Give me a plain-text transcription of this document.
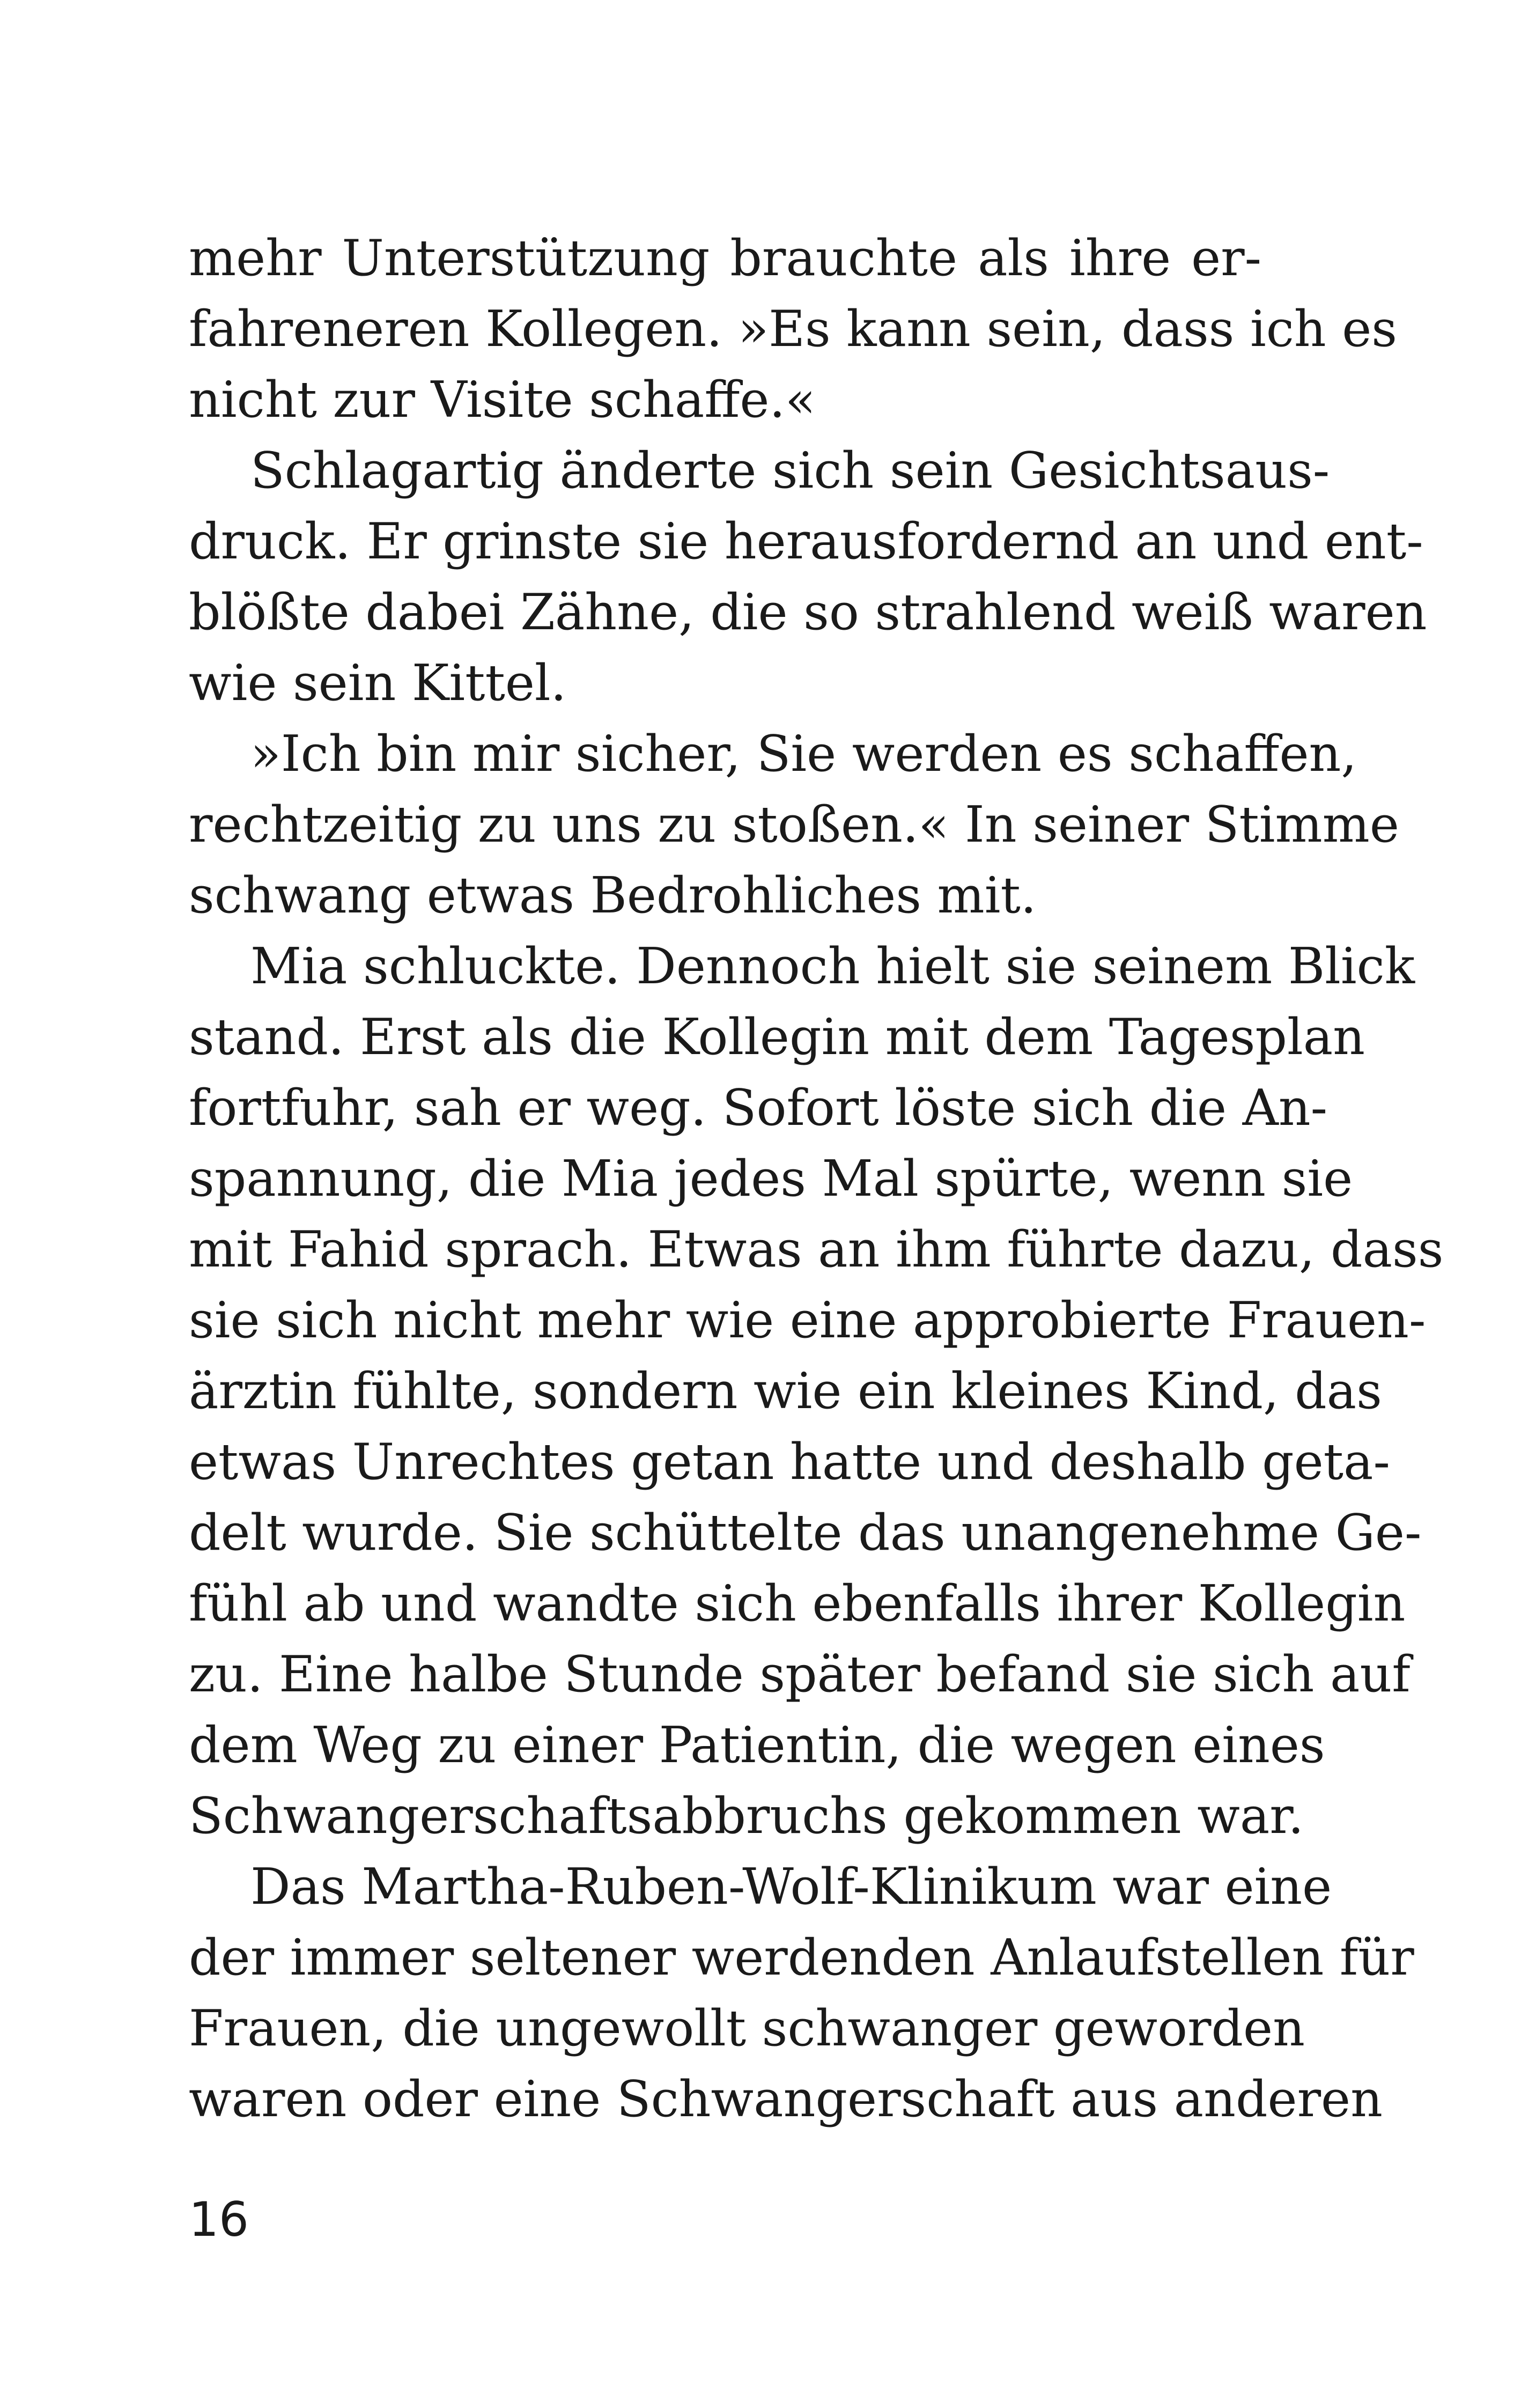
mehr Unterstützung brauchte als ihre er-
fahreneren Kollegen. »Es kann sein, dass ich es
nicht zur Visite schaffe.«
Schlagartig änderte sich sein Gesichtsaus-
druck. Er grinste sie herausfordernd an und ent-
blößte dabei Zähne, die so strahlend weiß waren
wie sein Kittel.
»Ich bin mir sicher, Sie werden es schaffen,
rechtzeitig zu uns zu stoßen.« In seiner Stimme
schwang etwas Bedrohliches mit.
Mia schluckte. Dennoch hielt sie seinem Blick
stand. Erst als die Kollegin mit dem Tagesplan
fortfuhr, sah er weg. Sofort löste sich die An-
spannung, die Mia jedes Mal spürte, wenn sie
mit Fahid sprach. Etwas an ihm führte dazu, dass
sie sich nicht mehr wie eine approbierte Frauen-
ärztin fühlte, sondern wie ein kleines Kind, das
etwas Unrechtes getan hatte und deshalb geta-
delt wurde. Sie schüttelte das unangenehme Ge-
fühl ab und wandte sich ebenfalls ihrer Kollegin
zu. Eine halbe Stunde später befand sie sich auf
dem Weg zu einer Patientin, die wegen eines
Schwangerschaftsabbruchs gekommen war.
Das Martha-Ruben-Wolf-Klinikum war eine
der immer seltener werdenden Anlaufstellen für
Frauen, die ungewollt schwanger geworden
waren oder eine Schwangerschaft aus anderen
16
